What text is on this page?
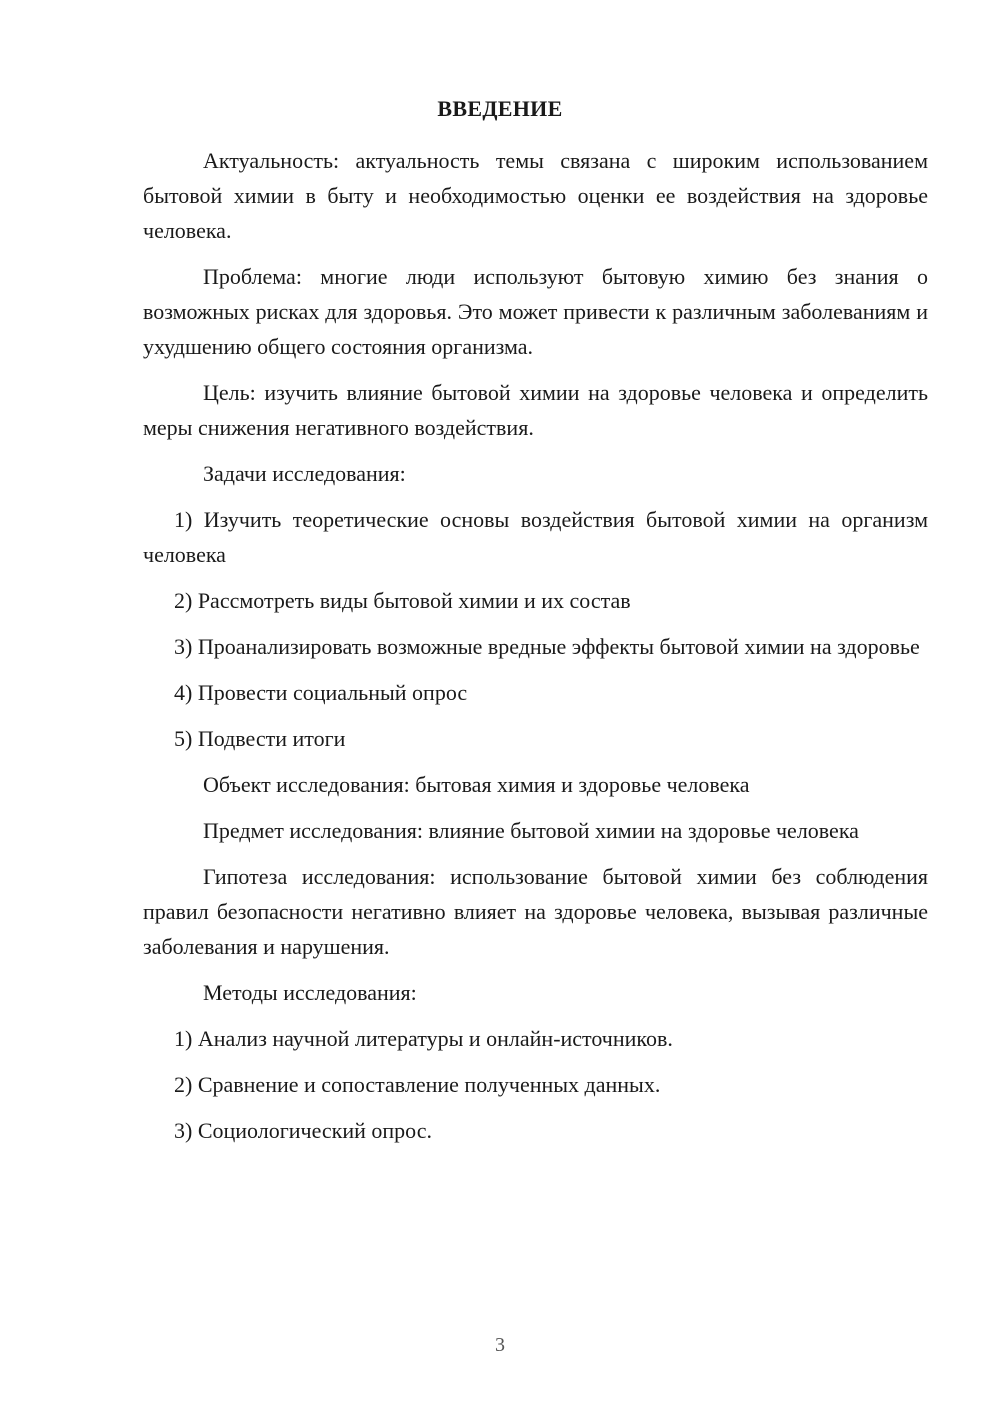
ВВЕДЕНИЕ

Актуальность: актуальность темы связана с широким использованием бытовой химии в быту и необходимостью оценки ее воздействия на здоровье человека.

Проблема: многие люди используют бытовую химию без знания о возможных рисках для здоровья. Это может привести к различным заболеваниям и ухудшению общего состояния организма.

Цель: изучить влияние бытовой химии на здоровье человека и определить меры снижения негативного воздействия.

Задачи исследования:

1) Изучить теоретические основы воздействия бытовой химии на организм человека

2) Рассмотреть виды бытовой химии и их состав

3) Проанализировать возможные вредные эффекты бытовой химии на здоровье

4) Провести социальный опрос

5) Подвести итоги

Объект исследования: бытовая химия и здоровье человека

Предмет исследования: влияние бытовой химии на здоровье человека

Гипотеза исследования: использование бытовой химии без соблюдения правил безопасности негативно влияет на здоровье человека, вызывая различные заболевания и нарушения.

Методы исследования:

1) Анализ научной литературы и онлайн-источников.

2) Сравнение и сопоставление полученных данных.

3) Социологический опрос.

3
